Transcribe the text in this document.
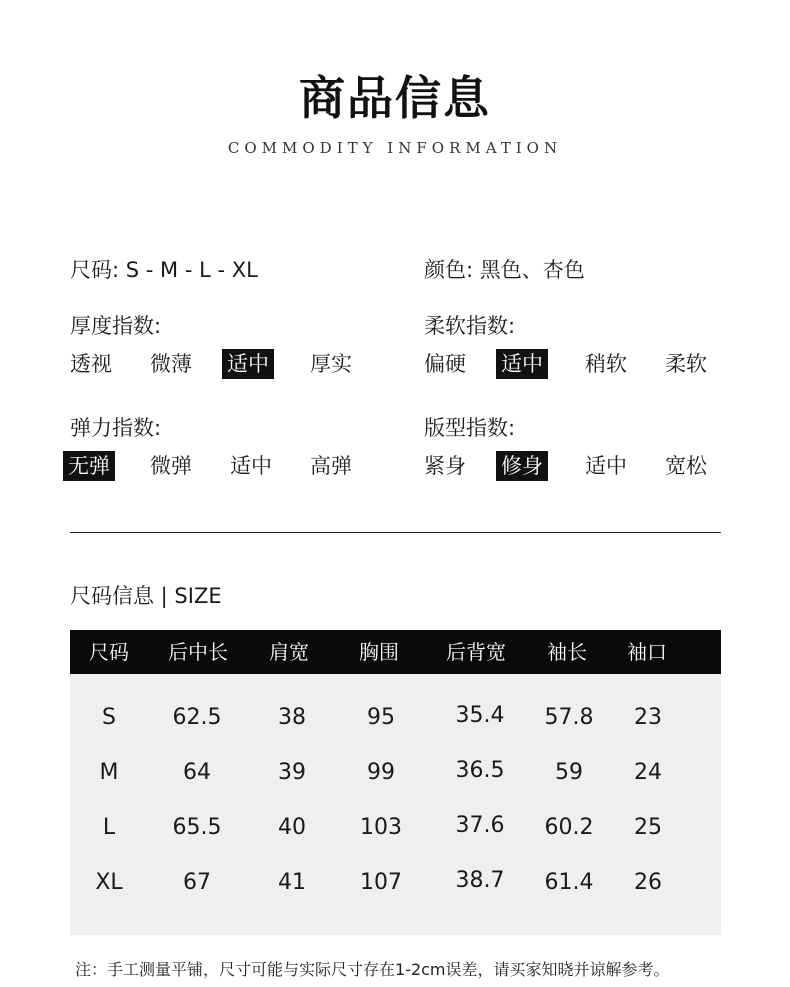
商品信息
COMMODITY INFORMATION
尺码: S - M - L - XL	颜色: 黑色、杏色
厚度指数:
透视 微薄 适中 厚实
柔软指数:
偏硬 适中 稍软 柔软
弹力指数:
无弹 微弹 适中 高弹
版型指数:
紧身 修身 适中 宽松
尺码信息 | SIZE
尺码 后中长 肩宽	胸围 后背宽 袖长 袖口
S	62.5	38	95	35.4 57.8 23
M	64	39	99	36.5 59 24
L	65.5	40 103 37.6 60.2 25
XL	67	41 107 38.7 61.4 26
注：手工测量平铺，尺寸可能与实际尺寸存在1-2cm误差，请买家知晓并谅解参考。
